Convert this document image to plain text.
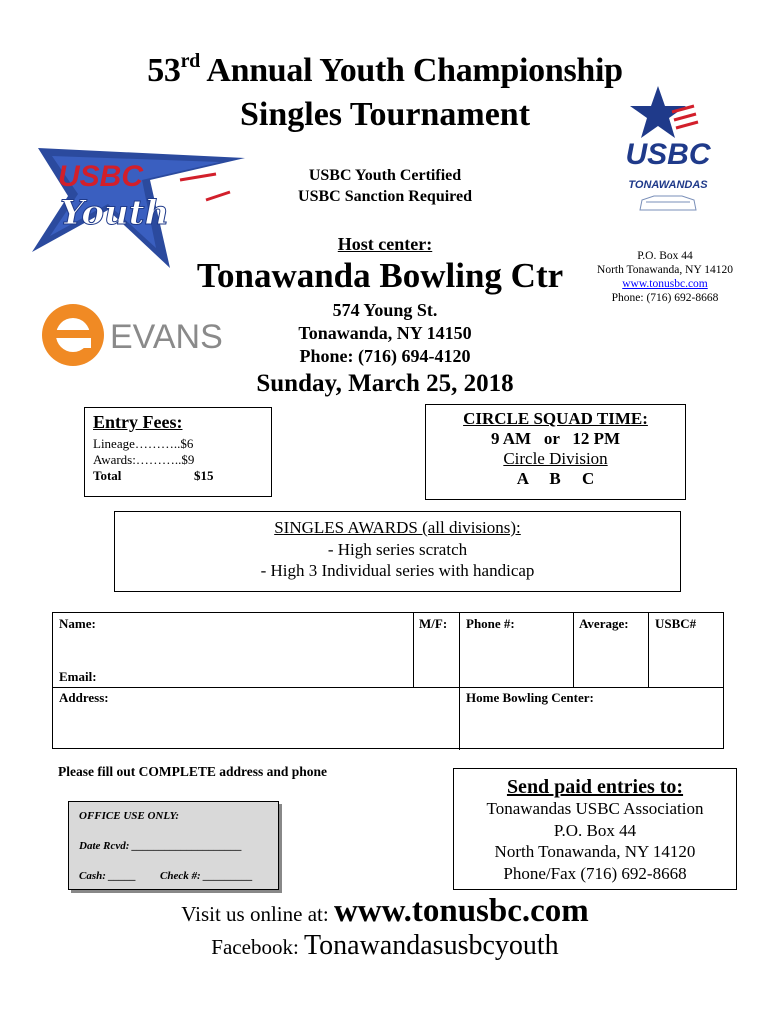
53rd Annual Youth Championship
Singles Tournament
USBC
Youth
USBC
TONAWANDAS
EVANS
USBC Youth Certified
USBC Sanction Required
Host center:
Tonawanda Bowling Ctr
574 Young St.
Tonawanda, NY 14150
Phone: (716) 694-4120
P.O. Box 44
North Tonawanda, NY 14120
www.tonusbc.com
Phone: (716) 692-8668
Sunday, March 25, 2018
Entry Fees:
Lineage………..$6
Awards:………..$9
Total	$15
CIRCLE SQUAD TIME:
9 AM   or   12 PM
Circle Division
A     B     C
SINGLES AWARDS (all divisions):
- High series scratch
- High 3 Individual series with handicap
Name:	M/F: Phone #:	Average: USBC#
Email:
Address:	Home Bowling Center:
Please fill out COMPLETE address and phone
OFFICE USE ONLY:
Date Rcvd: ____________________
Cash: _____ Check #: _________
Send paid entries to:
Tonawandas USBC Association
P.O. Box 44
North Tonawanda, NY 14120
Phone/Fax (716) 692-8668
Visit us online at: www.tonusbc.com
Facebook: Tonawandasusbcyouth
